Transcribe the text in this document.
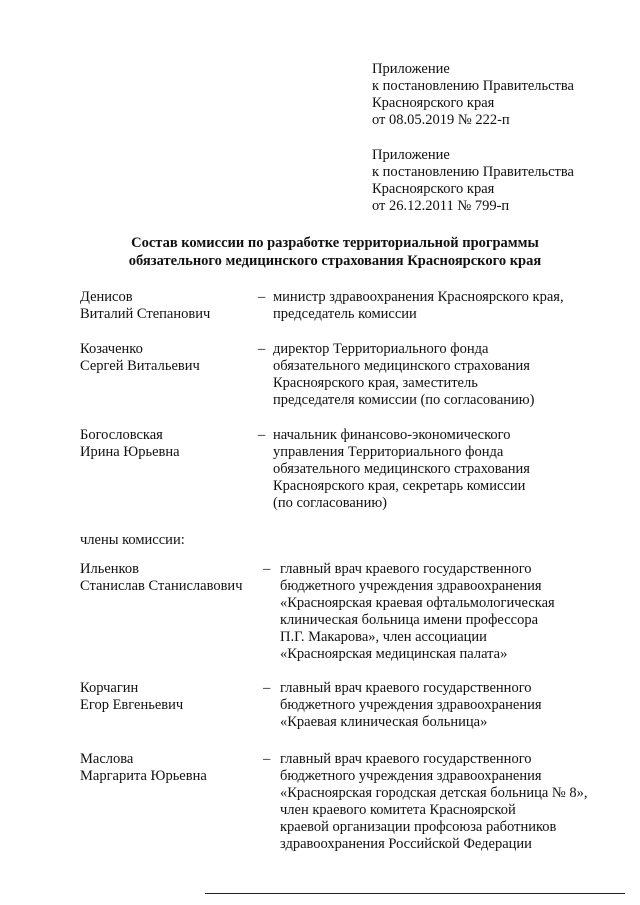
Приложение
к постановлению Правительства
Красноярского края
от 08.05.2019 № 222-п
Приложение
к постановлению Правительства
Красноярского края
от 26.12.2011 № 799-п
Состав комиссии по разработке территориальной программы
обязательного медицинского страхования Красноярского края
Денисов
Виталий Степанович
– министр здравоохранения Красноярского края,
председатель комиссии
Козаченко
Сергей Витальевич
– директор Территориального фонда
обязательного медицинского страхования
Красноярского края, заместитель
председателя комиссии (по согласованию)
Богословская
Ирина Юрьевна
– начальник финансово-экономического
управления Территориального фонда
обязательного медицинского страхования
Красноярского края, секретарь комиссии
(по согласованию)
члены комиссии:
Ильенков
Станислав Станиславович
– главный врач краевого государственного
бюджетного учреждения здравоохранения
«Красноярская краевая офтальмологическая
клиническая больница имени профессора
П.Г. Макарова», член ассоциации
«Красноярская медицинская палата»
Корчагин
Егор Евгеньевич
– главный врач краевого государственного
бюджетного учреждения здравоохранения
«Краевая клиническая больница»
Маслова
Маргарита Юрьевна
– главный врач краевого государственного
бюджетного учреждения здравоохранения
«Красноярская городская детская больница № 8»,
член краевого комитета Красноярской
краевой организации профсоюза работников
здравоохранения Российской Федерации
